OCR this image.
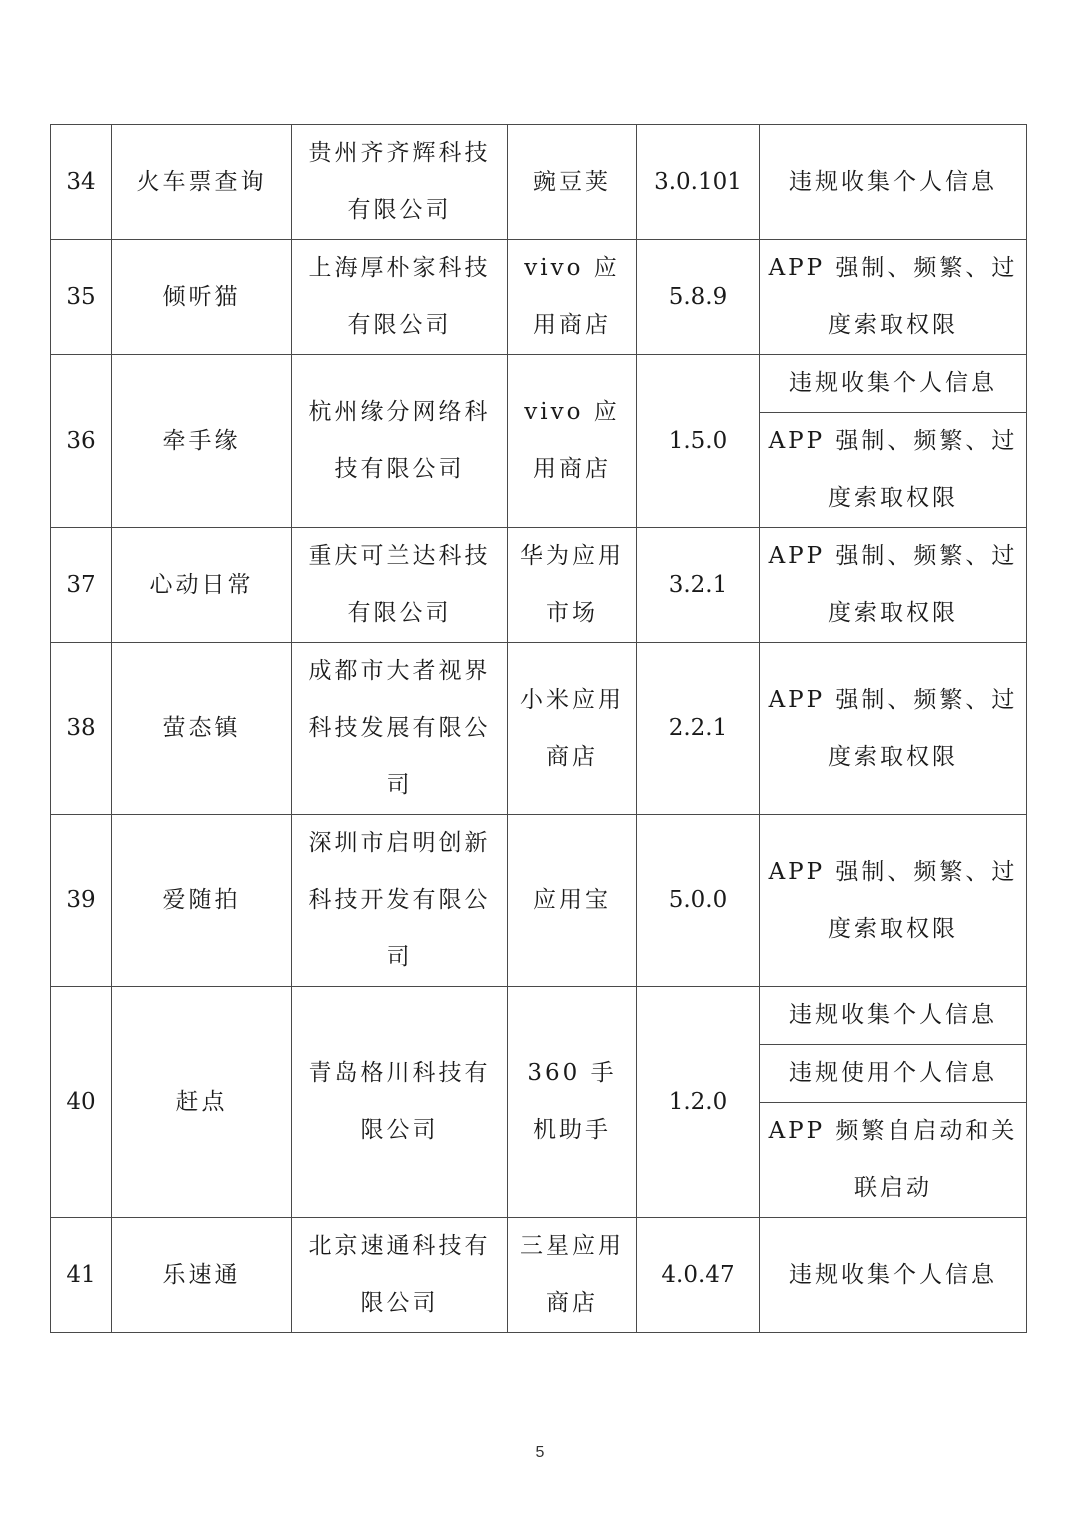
34	火车票查询	贵州齐齐辉科技有限公司	豌豆荚	3.0.101	违规收集个人信息
35	倾听猫	上海厚朴家科技有限公司	vivo 应用商店	5.8.9	APP 强制、频繁、过度索取权限
36	牵手缘	杭州缘分网络科技有限公司	vivo 应用商店	1.5.0	违规收集个人信息
					APP 强制、频繁、过度索取权限
37	心动日常	重庆可兰达科技有限公司	华为应用市场	3.2.1	APP 强制、频繁、过度索取权限
38	萤态镇	成都市大者视界科技发展有限公司	小米应用商店	2.2.1	APP 强制、频繁、过度索取权限
39	爱随拍	深圳市启明创新科技开发有限公司	应用宝	5.0.0	APP 强制、频繁、过度索取权限
40	赶点	青岛格川科技有限公司	360 手机助手	1.2.0	违规收集个人信息
					违规使用个人信息
					APP 频繁自启动和关联启动
41	乐速通	北京速通科技有限公司	三星应用商店	4.0.47	违规收集个人信息
5
